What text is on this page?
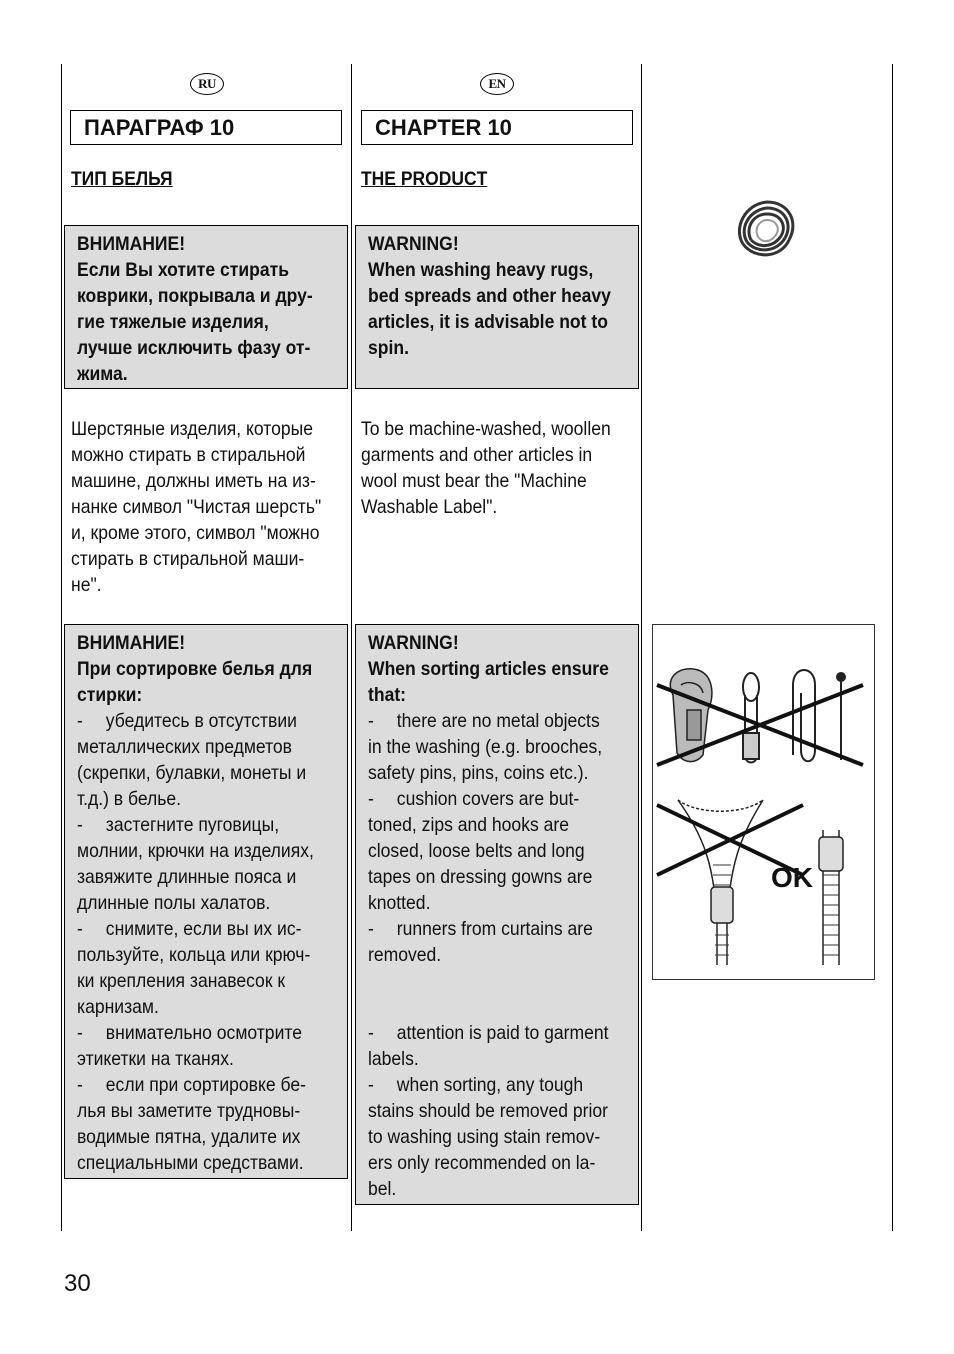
RU	EN
ПАРАГРАФ 10	CHAPTER 10
ТИП БЕЛЬЯ	THE PRODUCT
ВНИМАНИЕ!
Если Вы хотите стирать
коврики, покрывала и дру-
гие тяжелые изделия,
лучше исключить фазу от-
жима.
WARNING!
When washing heavy rugs,
bed spreads and other heavy
articles, it is advisable not to
spin.
Шерстяные изделия, которые
можно стирать в стиральной
машине, должны иметь на из-
нанке символ "Чистая шерсть"
и, кроме этого, символ "можно
стирать в стиральной маши-
не".
To be machine-washed, woollen
garments and other articles in
wool must bear the "Machine
Washable Label".
ВНИМАНИЕ!
При сортировке белья для
стирки:
- убедитесь в отсутствии
металлических предметов
(скрепки, булавки, монеты и
т.д.) в белье.
- застегните пуговицы,
молнии, крючки на изделиях,
завяжите длинные пояса и
длинные полы халатов.
- снимите, если вы их ис-
пользуйте, кольца или крюч-
ки крепления занавесок к
карнизам.
- внимательно осмотрите
этикетки на тканях.
- если при сортировке бе-
лья вы заметите трудновы-
водимые пятна, удалите их
специальными средствами.
WARNING!
When sorting articles ensure
that:
- there are no metal objects
in the washing (e.g. brooches,
safety pins, pins, coins etc.).
- cushion covers are but-
toned, zips and hooks are
closed, loose belts and long
tapes on dressing gowns are
knotted.
- runners from curtains are
removed.

- attention is paid to garment
labels.
- when sorting, any tough
stains should be removed prior
to washing using stain remov-
ers only recommended on la-
bel.
OK
30
